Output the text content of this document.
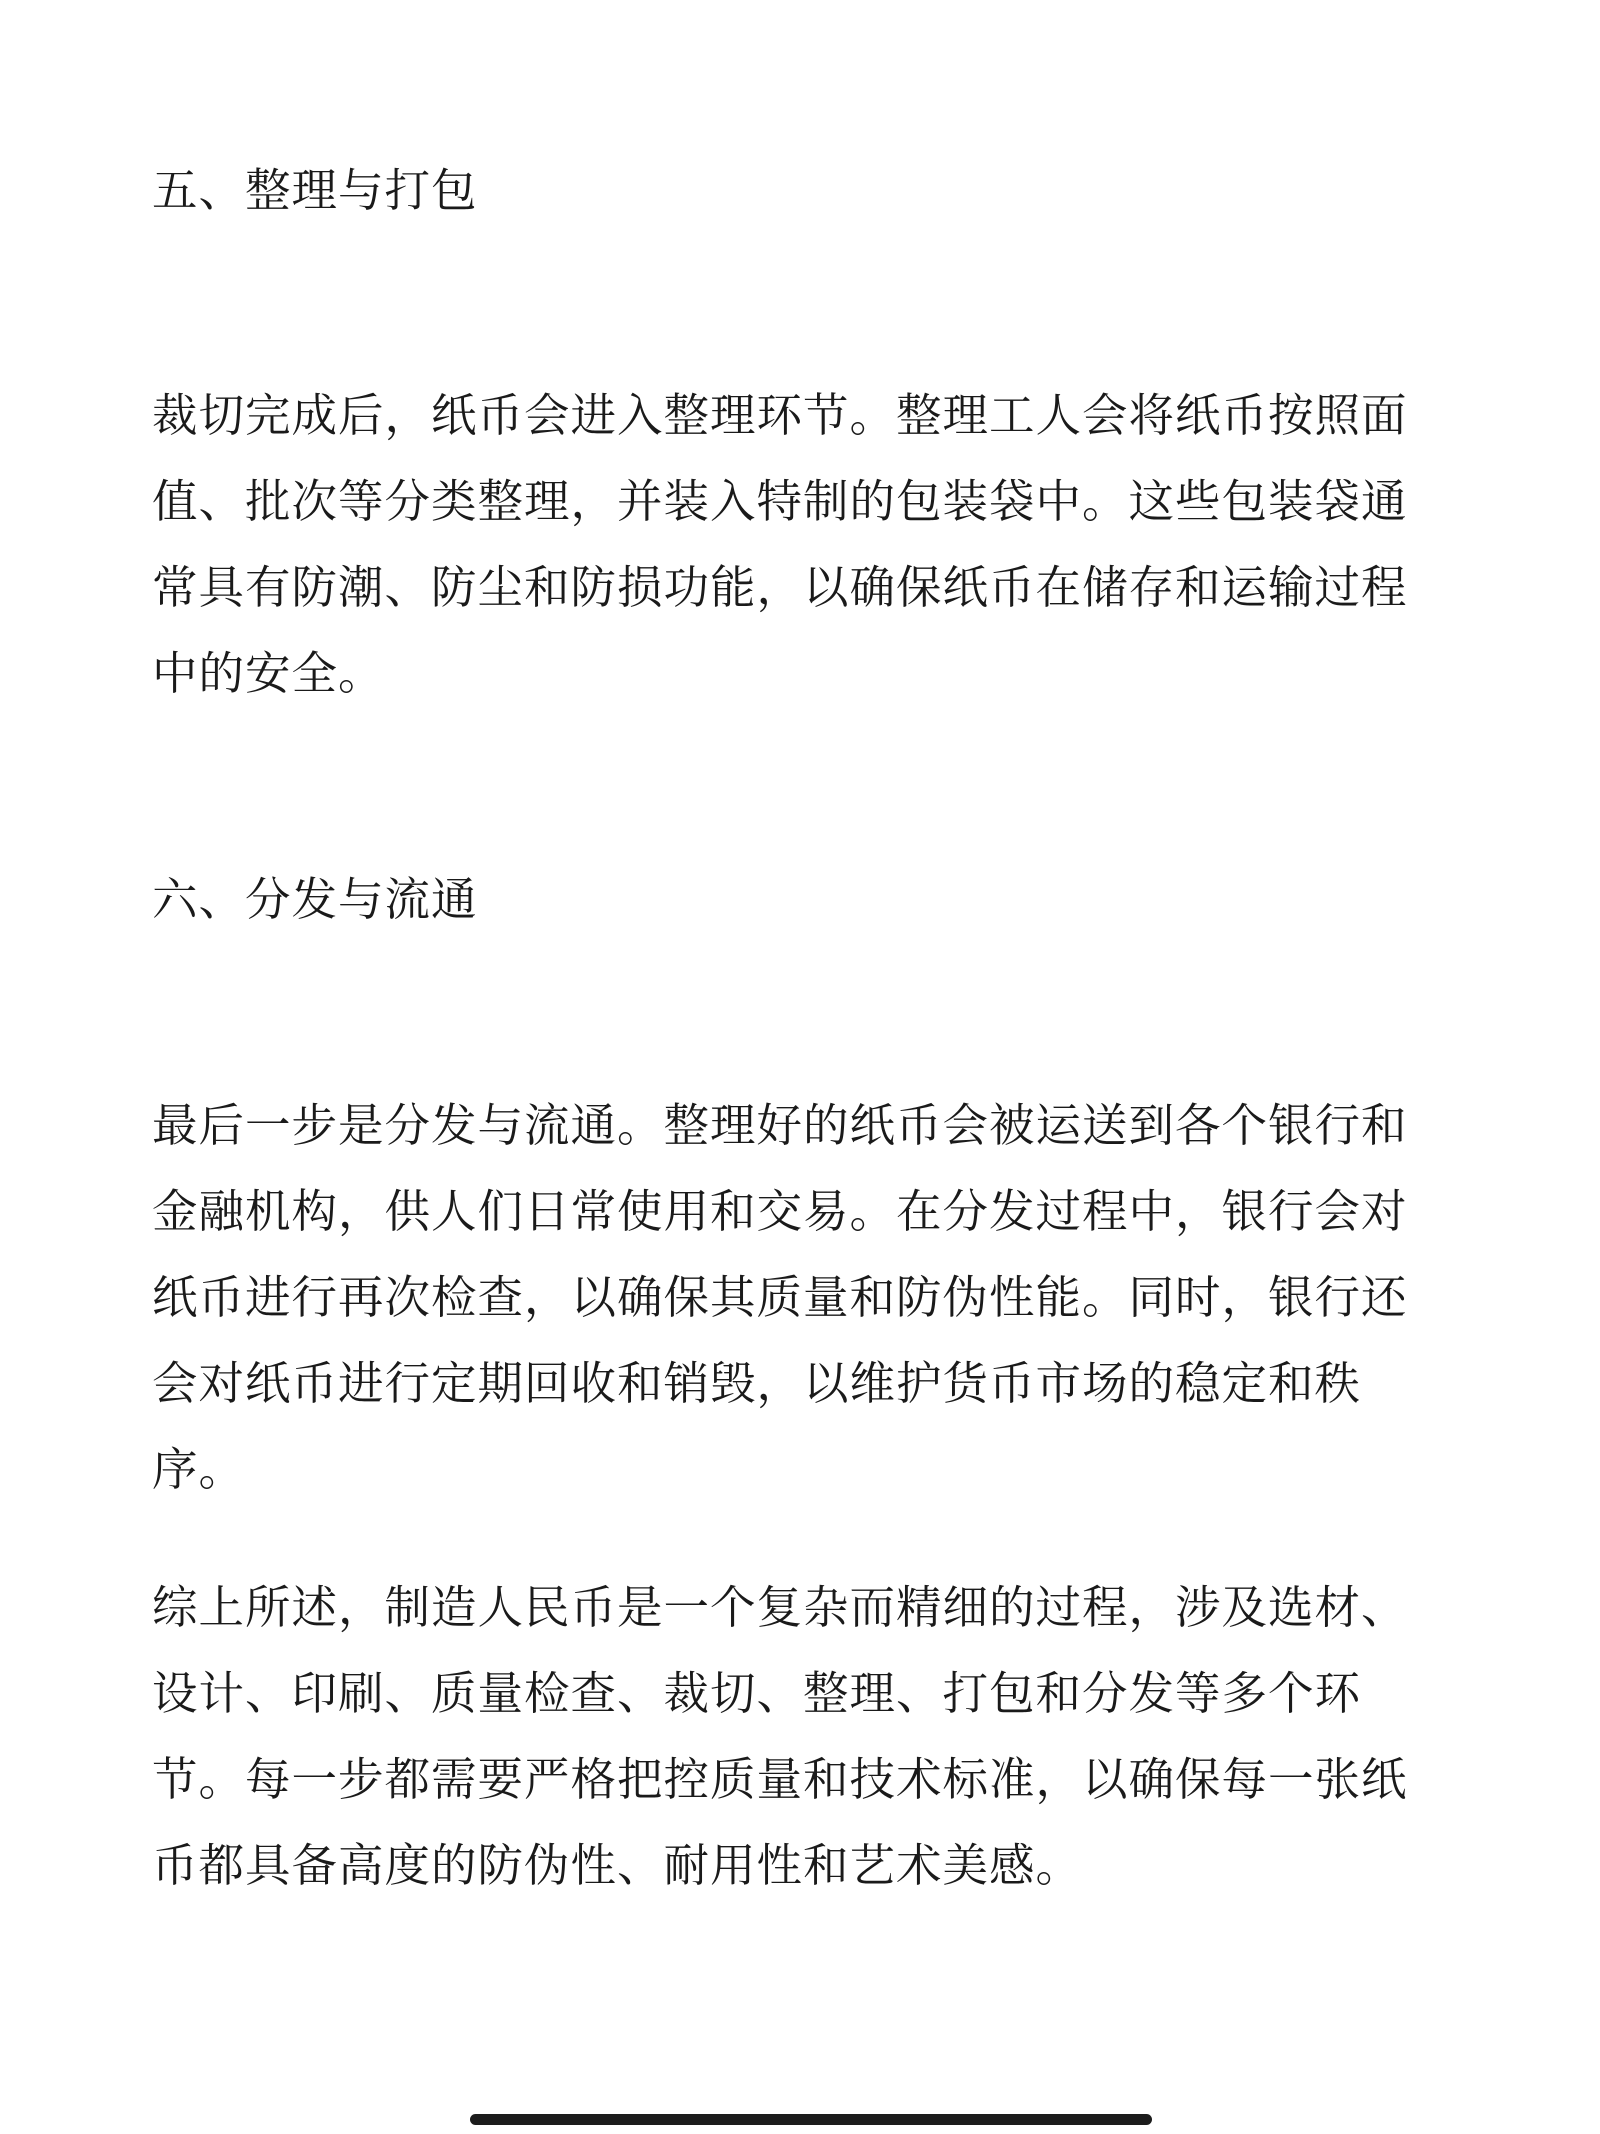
五、整理与打包

裁切完成后，纸币会进入整理环节。整理工人会将纸币按照面值、批次等分类整理，并装入特制的包装袋中。这些包装袋通常具有防潮、防尘和防损功能，以确保纸币在储存和运输过程中的安全。

六、分发与流通

最后一步是分发与流通。整理好的纸币会被运送到各个银行和金融机构，供人们日常使用和交易。在分发过程中，银行会对纸币进行再次检查，以确保其质量和防伪性能。同时，银行还会对纸币进行定期回收和销毁，以维护货币市场的稳定和秩序。

综上所述，制造人民币是一个复杂而精细的过程，涉及选材、设计、印刷、质量检查、裁切、整理、打包和分发等多个环节。每一步都需要严格把控质量和技术标准，以确保每一张纸币都具备高度的防伪性、耐用性和艺术美感。
